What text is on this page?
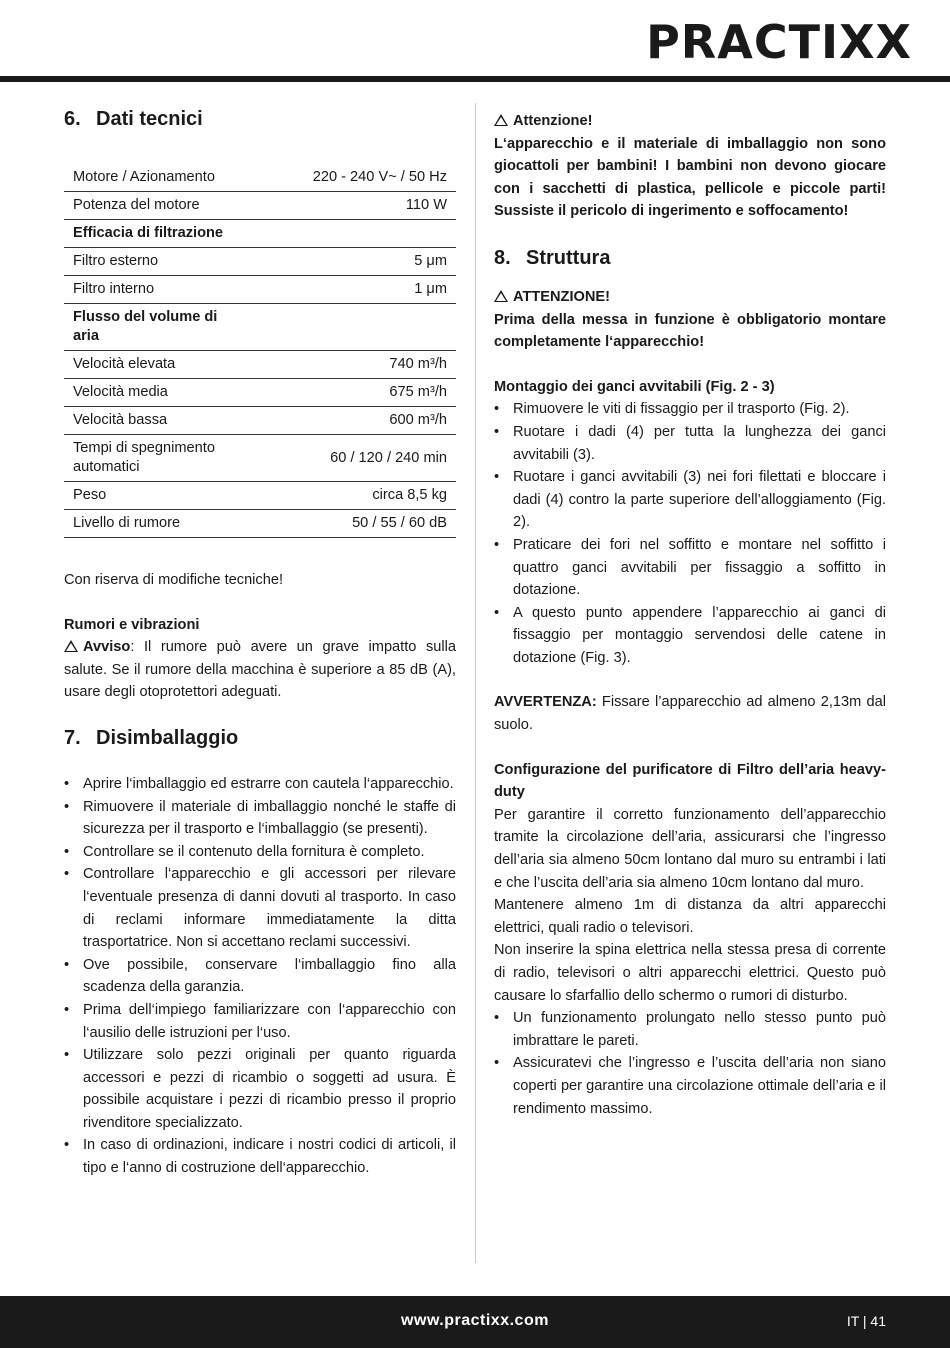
PRACTIXX
6. Dati tecnici
Motore / Azionamento	220 - 240 V~ / 50 Hz
Potenza del motore	110 W
Efficacia di filtrazione	
Filtro esterno	5 μm
Filtro interno	1 μm
Flusso del volume di aria	
Velocità elevata	740 m³/h
Velocità media	675 m³/h
Velocità bassa	600 m³/h
Tempi di spegnimento automatici	60 / 120 / 240 min
Peso	circa 8,5 kg
Livello di rumore	50 / 55 / 60 dB

Con riserva di modifiche tecniche!

Rumori e vibrazioni

Avviso: Il rumore può avere un grave impatto sulla salute. Se il rumore della macchina è superiore a 85 dB (A), usare degli otoprotettori adeguati.

7. Disimballaggio
• Aprire l‘imballaggio ed estrarre con cautela l‘apparecchio.
• Rimuovere il materiale di imballaggio nonché le staffe di sicurezza per il trasporto e l‘imballaggio (se presenti).
• Controllare se il contenuto della fornitura è completo.
• Controllare l‘apparecchio e gli accessori per rilevare l‘eventuale presenza di danni dovuti al trasporto. In caso di reclami informare immediatamente la ditta trasportatrice. Non si accettano reclami successivi.
• Ove possibile, conservare l‘imballaggio fino alla scadenza della garanzia.
• Prima dell‘impiego familiarizzare con l‘apparecchio con l‘ausilio delle istruzioni per l‘uso.
• Utilizzare solo pezzi originali per quanto riguarda accessori e pezzi di ricambio o soggetti ad usura. È possibile acquistare i pezzi di ricambio presso il proprio rivenditore specializzato.
• In caso di ordinazioni, indicare i nostri codici di articoli, il tipo e l‘anno di costruzione dell‘apparecchio.

Attenzione!

L‘apparecchio e il materiale di imballaggio non sono giocattoli per bambini! I bambini non devono giocare con i sacchetti di plastica, pellicole e piccole parti! Sussiste il pericolo di ingerimento e soffocamento!

8. Struttura

ATTENZIONE!

Prima della messa in funzione è obbligatorio montare completamente l‘apparecchio!

Montaggio dei ganci avvitabili (Fig. 2 - 3)

• Rimuovere le viti di fissaggio per il trasporto (Fig. 2).
• Ruotare i dadi (4) per tutta la lunghezza dei ganci avvitabili (3).
• Ruotare i ganci avvitabili (3) nei fori filettati e bloccare i dadi (4) contro la parte superiore dell’alloggiamento (Fig. 2).
• Praticare dei fori nel soffitto e montare nel soffitto i quattro ganci avvitabili per fissaggio a soffitto in dotazione.
• A questo punto appendere l’apparecchio ai ganci di fissaggio per montaggio servendosi delle catene in dotazione (Fig. 3).

AVVERTENZA: Fissare l’apparecchio ad almeno 2,13m dal suolo.

Configurazione del purificatore di Filtro dell’aria heavy-duty

Per garantire il corretto funzionamento dell’apparecchio tramite la circolazione dell’aria, assicurarsi che l’ingresso dell’aria sia almeno 50cm lontano dal muro su entrambi i lati e che l’uscita dell’aria sia almeno 10cm lontano dal muro.

Mantenere almeno 1m di distanza da altri apparecchi elettrici, quali radio o televisori.

Non inserire la spina elettrica nella stessa presa di corrente di radio, televisori o altri apparecchi elettrici. Questo può causare lo sfarfallio dello schermo o rumori di disturbo.

• Un funzionamento prolungato nello stesso punto può imbrattare le pareti.
• Assicuratevi che l’ingresso e l’uscita dell’aria non siano coperti per garantire una circolazione ottimale dell’aria e il rendimento massimo.
www.practixx.com	IT | 41
